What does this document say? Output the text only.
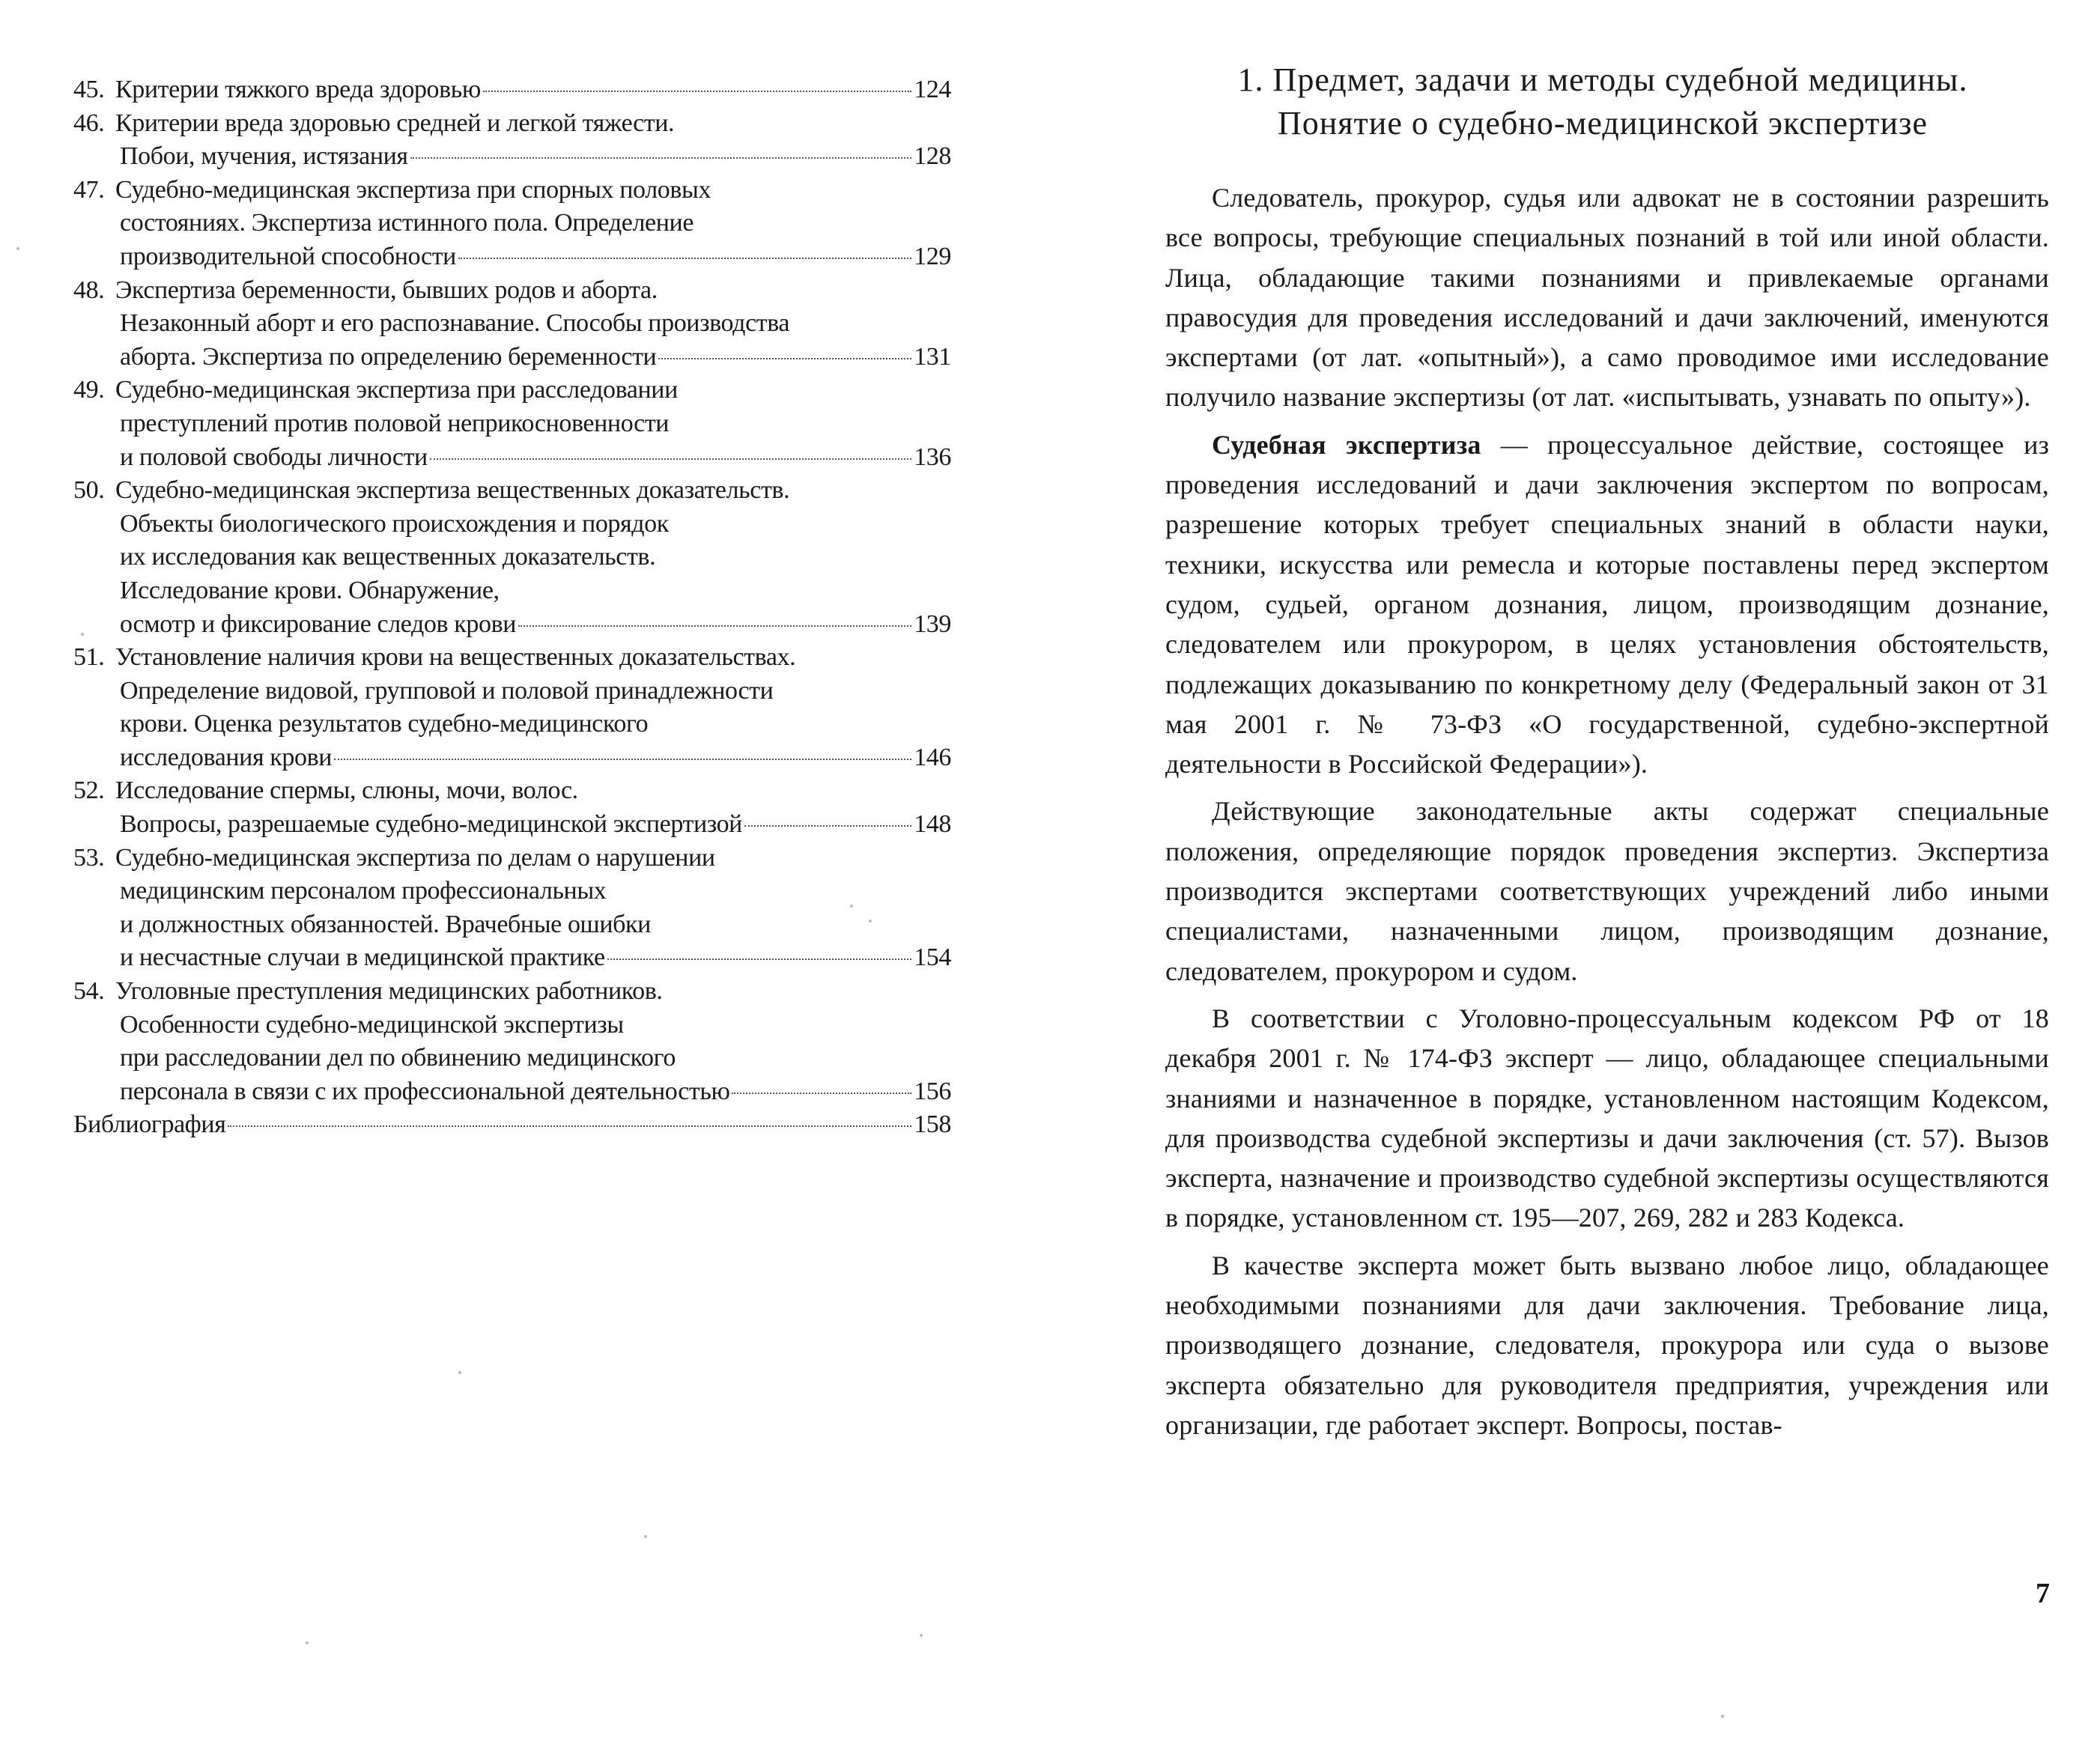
45. Критерии тяжкого вреда здоровью	124
46. Критерии вреда здоровью средней и легкой тяжести.
Побои, мучения, истязания	128
47. Судебно-медицинская экспертиза при спорных половых
состояниях. Экспертиза истинного пола. Определение
производительной способности	129
48. Экспертиза беременности, бывших родов и аборта.
Незаконный аборт и его распознавание. Способы производства
аборта. Экспертиза по определению беременности	131
49. Судебно-медицинская экспертиза при расследовании
преступлений против половой неприкосновенности
и половой свободы личности	136
50. Судебно-медицинская экспертиза вещественных доказательств.
Объекты биологического происхождения и порядок
их исследования как вещественных доказательств.
Исследование крови. Обнаружение,
осмотр и фиксирование следов крови	139
51. Установление наличия крови на вещественных доказательствах.
Определение видовой, групповой и половой принадлежности
крови. Оценка результатов судебно-медицинского
исследования крови	146
52. Исследование спермы, слюны, мочи, волос.
Вопросы, разрешаемые судебно-медицинской экспертизой	148
53. Судебно-медицинская экспертиза по делам о нарушении
медицинским персоналом профессиональных
и должностных обязанностей. Врачебные ошибки
и несчастные случаи в медицинской практике	154
54. Уголовные преступления медицинских работников.
Особенности судебно-медицинской экспертизы
при расследовании дел по обвинению медицинского
персонала в связи с их профессиональной деятельностью	156
Библиография	158
1. Предмет, задачи и методы судебной медицины.
Понятие о судебно-медицинской экспертизе

Следователь, прокурор, судья или адвокат не в состоянии разрешить все вопросы, требующие специальных познаний в той или иной области. Лица, обладающие такими познаниями и привлекаемые органами правосудия для проведения исследований и дачи заключений, именуются экспертами (от лат. «опытный»), а само проводимое ими исследование получило название экспертизы (от лат. «испытывать, узнавать по опыту»).

Судебная экспертиза — процессуальное действие, состоящее из проведения исследований и дачи заключения экспертом по вопросам, разрешение которых требует специальных знаний в области науки, техники, искусства или ремесла и которые поставлены перед экспертом судом, судьей, органом дознания, лицом, производящим дознание, следователем или прокурором, в целях установления обстоятельств, подлежащих доказыванию по конкретному делу (Федеральный закон от 31 мая 2001 г. № 73-ФЗ «О государственной, судебно-экспертной деятельности в Российской Федерации»).

Действующие законодательные акты содержат специальные положения, определяющие порядок проведения экспертиз. Экспертиза производится экспертами соответствующих учреждений либо иными специалистами, назначенными лицом, производящим дознание, следователем, прокурором и судом.

В соответствии с Уголовно-процессуальным кодексом РФ от 18 декабря 2001 г. № 174-ФЗ эксперт — лицо, обладающее специальными знаниями и назначенное в порядке, установленном настоящим Кодексом, для производства судебной экспертизы и дачи заключения (ст. 57). Вызов эксперта, назначение и производство судебной экспертизы осуществляются в порядке, установленном ст. 195—207, 269, 282 и 283 Кодекса.

В качестве эксперта может быть вызвано любое лицо, обладающее необходимыми познаниями для дачи заключения. Требование лица, производящего дознание, следователя, прокурора или суда о вызове эксперта обязательно для руководителя предприятия, учреждения или организации, где работает эксперт. Вопросы, постав-

7
